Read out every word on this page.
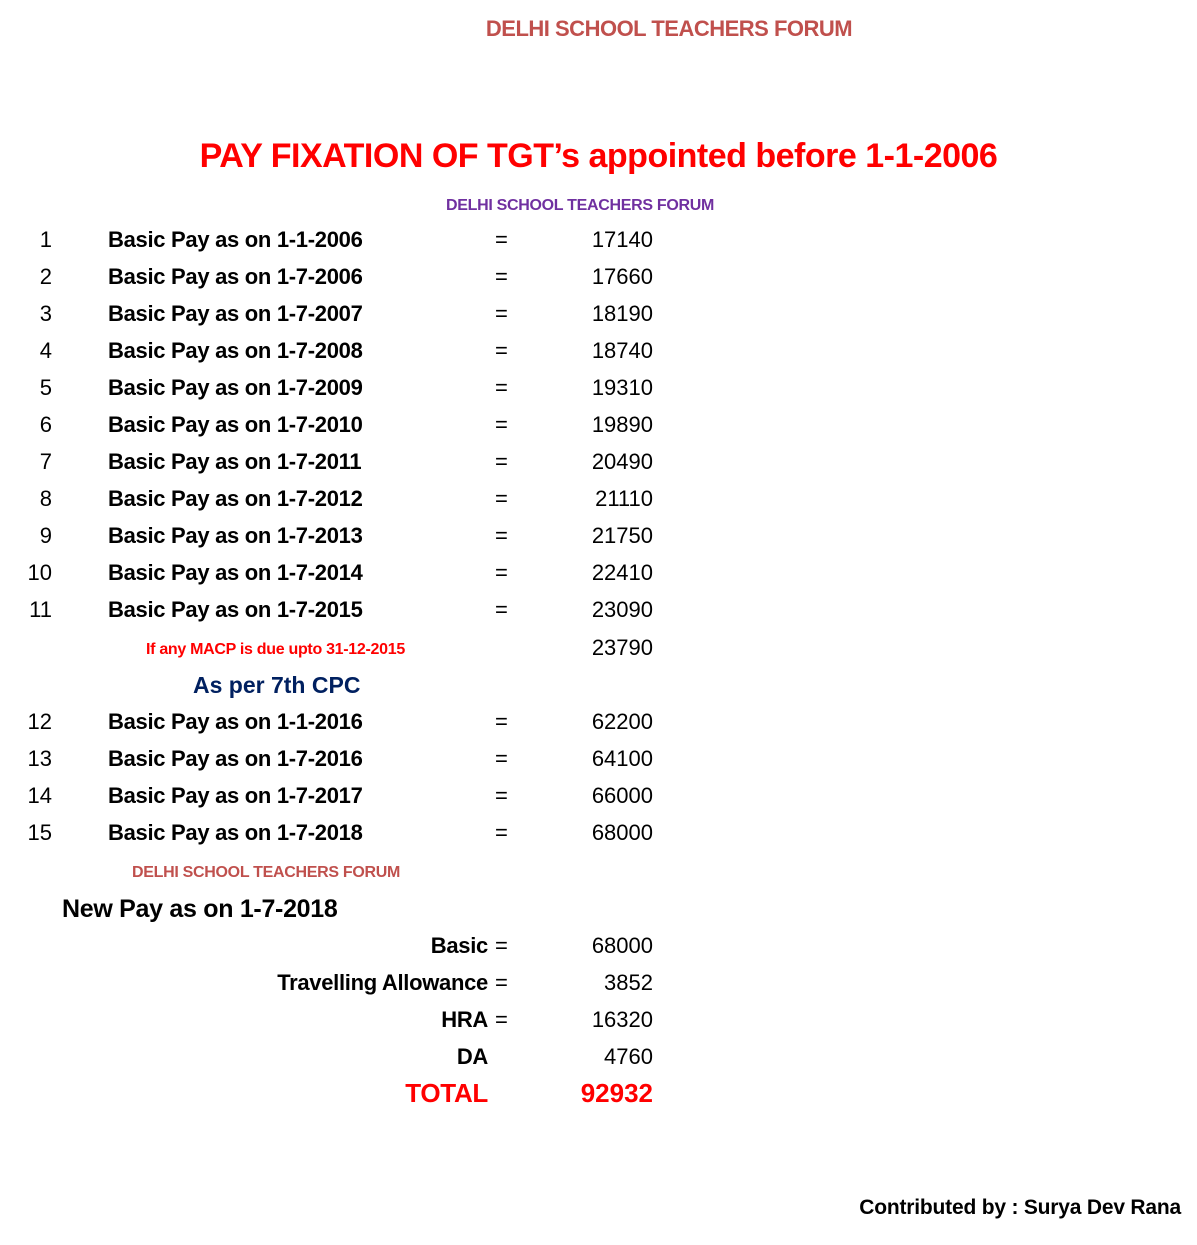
DELHI SCHOOL TEACHERS FORUM
PAY FIXATION OF TGT’s appointed before 1-1-2006
DELHI SCHOOL TEACHERS FORUM
1	Basic Pay as on 1-1-2006	=	17140
2	Basic Pay as on 1-7-2006	=	17660
3	Basic Pay as on 1-7-2007	=	18190
4	Basic Pay as on 1-7-2008	=	18740
5	Basic Pay as on 1-7-2009	=	19310
6	Basic Pay as on 1-7-2010	=	19890
7	Basic Pay as on 1-7-2011	=	20490
8	Basic Pay as on 1-7-2012	=	21110
9	Basic Pay as on 1-7-2013	=	21750
10	Basic Pay as on 1-7-2014	=	22410
11	Basic Pay as on 1-7-2015	=	23090
If any MACP is due upto 31-12-2015	23790
As per 7th CPC
12	Basic Pay as on 1-1-2016	=	62200
13	Basic Pay as on 1-7-2016	=	64100
14	Basic Pay as on 1-7-2017	=	66000
15	Basic Pay as on 1-7-2018	=	68000
DELHI SCHOOL TEACHERS FORUM
New Pay as on 1-7-2018
Basic =	68000
Travelling Allowance =	3852
HRA =	16320
DA	4760
TOTAL	92932
Contributed by : Surya Dev Rana
